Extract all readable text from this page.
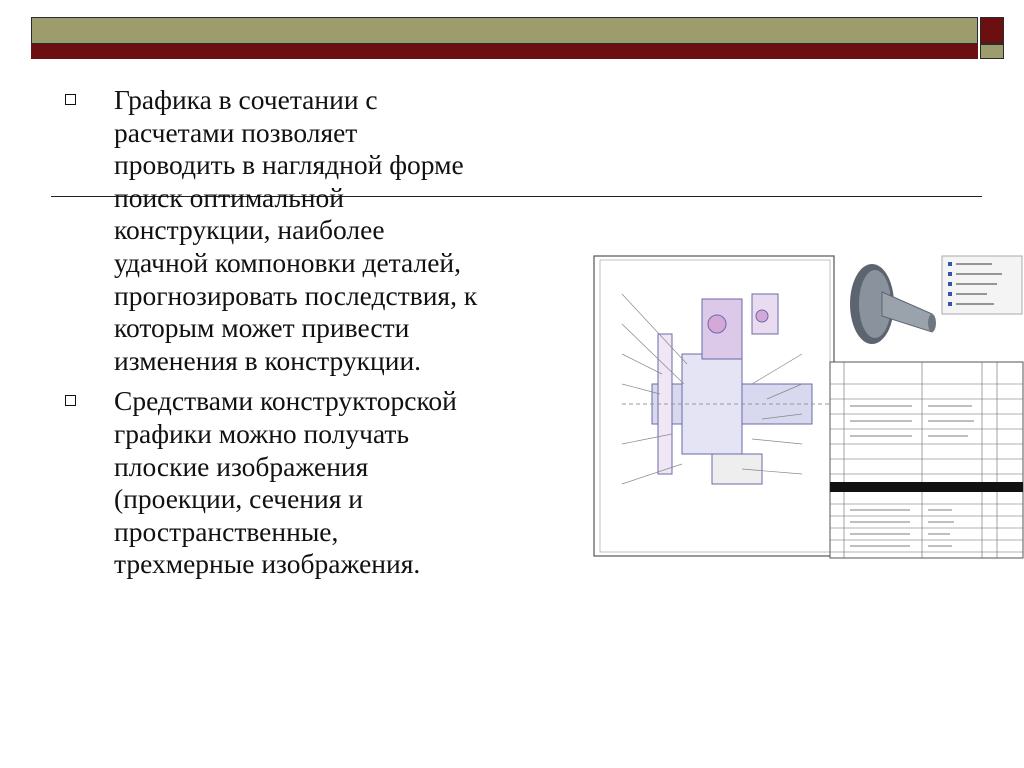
Графика в сочетании с
расчетами позволяет
проводить в наглядной форме
поиск оптимальной
конструкции, наиболее
удачной компоновки деталей,
прогнозировать последствия, к
которым может привести
изменения в конструкции.
Средствами конструкторской
графики можно получать
плоские изображения
(проекции, сечения и
пространственные,
трехмерные изображения.
